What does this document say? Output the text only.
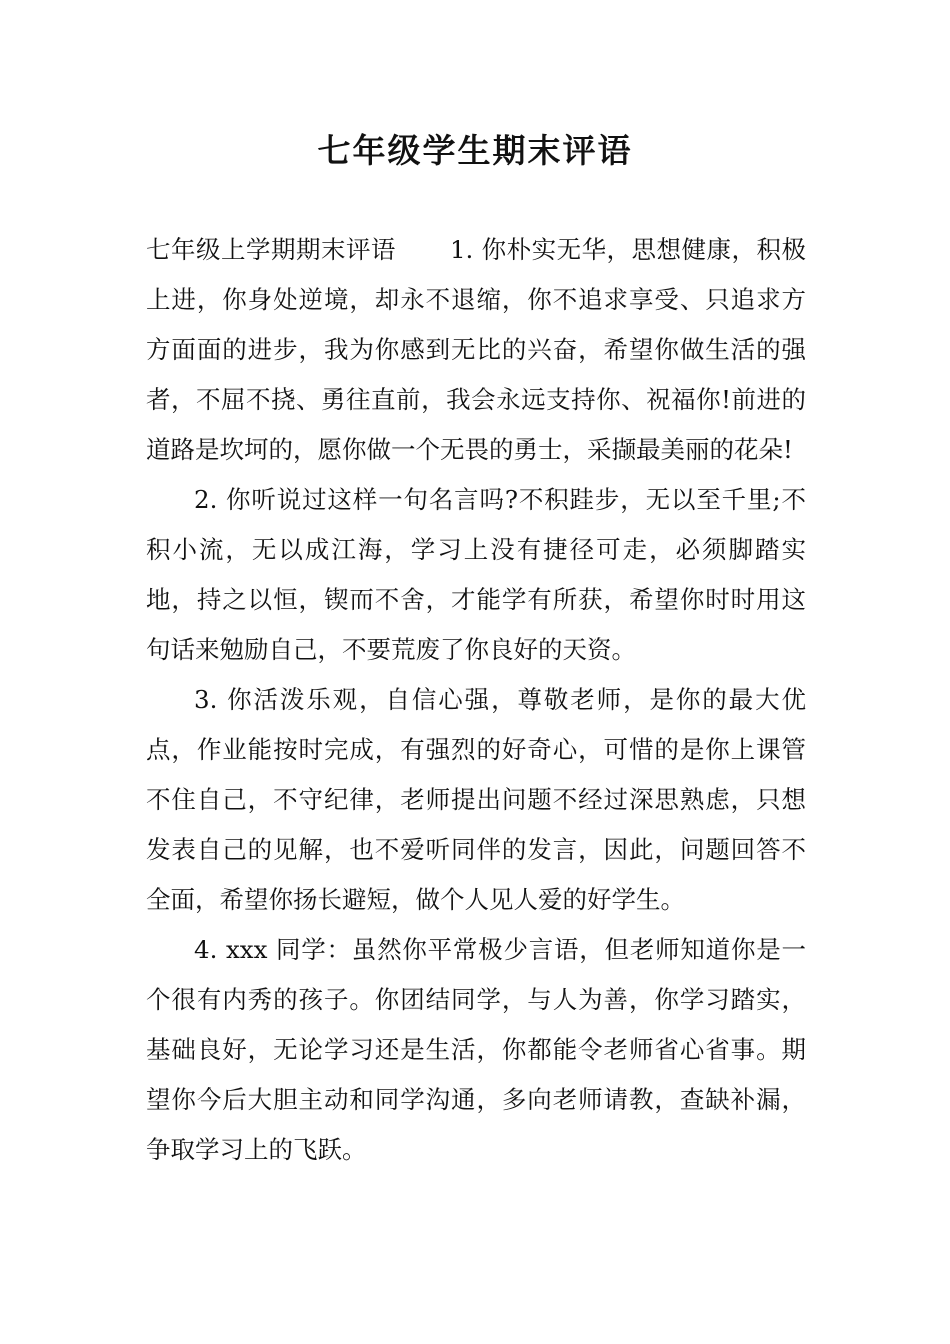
七年级学生期末评语

七年级上学期期末评语 1. 你朴实无华，思想健康，积极上进，你身处逆境，却永不退缩，你不追求享受、只追求方方面面的进步，我为你感到无比的兴奋，希望你做生活的强者，不屈不挠、勇往直前，我会永远支持你、祝福你!前进的道路是坎坷的，愿你做一个无畏的勇士，采撷最美丽的花朵!

2. 你听说过这样一句名言吗?不积跬步，无以至千里;不积小流，无以成江海，学习上没有捷径可走，必须脚踏实地，持之以恒，锲而不舍，才能学有所获，希望你时时用这句话来勉励自己，不要荒废了你良好的天资。

3. 你活泼乐观，自信心强，尊敬老师，是你的最大优点，作业能按时完成，有强烈的好奇心，可惜的是你上课管不住自己，不守纪律，老师提出问题不经过深思熟虑，只想发表自己的见解，也不爱听同伴的发言，因此，问题回答不全面，希望你扬长避短，做个人见人爱的好学生。

4. xxx 同学：虽然你平常极少言语，但老师知道你是一个很有内秀的孩子。你团结同学，与人为善，你学习踏实，基础良好，无论学习还是生活，你都能令老师省心省事。期望你今后大胆主动和同学沟通，多向老师请教，查缺补漏，争取学习上的飞跃。
